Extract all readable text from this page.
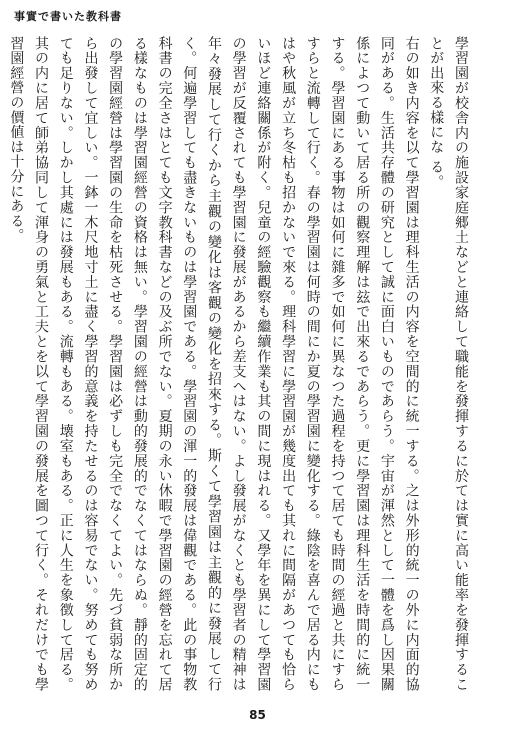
事實で書いた教科書

學習園が校舎内の施設家庭郷土などと連絡して職能を發揮するに於ては實に高い能率を發揮することが出來る樣にな る。

右の如き内容を以て學習園は理科生活の内容を空間的に統一する。之は外形的統一の外に内面的協同がある。生活共存體の研究として誠に面白いものであらう。宇宙が渾然として一體を爲し因果關係によつて動いて居る所の觀察理解は玆で出來るであらう。更に學習園は理科生活を時間的に統一する。學習園にある事物は如何に雜多で如何に異なつた過程を持つて居ても時間の經過と共にすらすらと流轉して行く。春の學習園は何時の間にか夏の學習園に變化する。綠陰を喜んで居る内にもはや秋風が立ち冬枯も招かないで來る。理科學習に學習園が幾度出ても其れに間隔があつても恰らいほど連絡關係が附く。兒童の經驗觀察も繼續作業も其の間に現はれる。又學年を異にして學習園の學習が反覆されても學習園に發展があるから差支へはない。よし發展がなくとも學習者の精神は年々發展して行くから主觀の變化は客觀の變化を招來する。斯くて學習園は主觀的に發展して行く。何遍學習しても盡きないものは學習園である。學習園の渾一的發展は偉觀である。此の事物教科書の完全さはとても文字教科書などの及ぶ所でない。夏期の永い休暇で學習園の經營を忘れて居る樣なものは學習園經營の資格は無い。學習園の經營は動的發展的でなくてはならぬ。靜的固定的の學習園經營は學習園の生命を枯死させる。學習園は必ずしも完全でなくてよい。先づ貧弱な所から出發して宜しい。一鉢一木尺地寸土に盡く學習的意義を持たせるのは容易でない。努めても努めても足りない。しかし其處には發展もある。流轉もある。壊室もある。正に人生を象徴して居る。其の内に居て師弟協同して渾身の勇氣と工夫とを以て學習園の發展を圖つて行く。それだけでも學習園經營の價値は十分にある。

85
